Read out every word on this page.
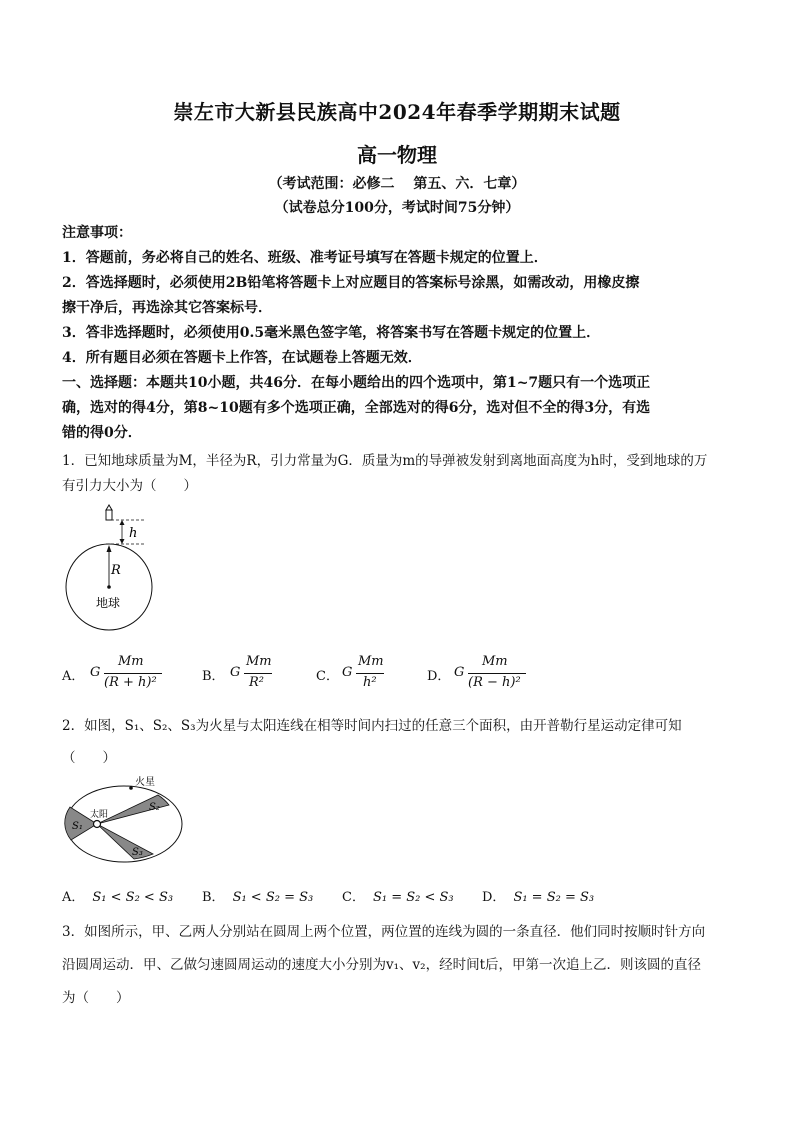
崇左市大新县民族高中2024年春季学期期末试题
高一物理
（考试范围：必修二　 第五、六．七章）
（试卷总分100分，考试时间75分钟）
注意事项：
1．答题前，务必将自己的姓名、班级、准考证号填写在答题卡规定的位置上．
2．答选择题时，必须使用2B铅笔将答题卡上对应题目的答案标号涂黑，如需改动，用橡皮擦
擦干净后，再选涂其它答案标号．
3．答非选择题时，必须使用0.5毫米黑色签字笔，将答案书写在答题卡规定的位置上．
4．所有题目必须在答题卡上作答，在试题卷上答题无效．
一、选择题：本题共10小题，共46分．在每小题给出的四个选项中，第1~7题只有一个选项正
确，选对的得4分，第8~10题有多个选项正确，全部选对的得6分，选对但不全的得3分，有选
错的得0分．
1．已知地球质量为M，半径为R，引力常量为G．质量为m的导弹被发射到离地面高度为h时，受到地球的万
有引力大小为（　　）
h
R
地球
A． G
Mm
(R + h)²	B． G
Mm
R²	C． G
Mm
h²	D． G
Mm
(R − h)²
2．如图，S₁、S₂、S₃为火星与太阳连线在相等时间内扫过的任意三个面积，由开普勒行星运动定律可知
（　　）
火星
太阳
S₁
S₂
S₃
A． S₁ < S₂ < S₃ B． S₁ < S₂ = S₃ C． S₁ = S₂ < S₃ D． S₁ = S₂ = S₃
3．如图所示，甲、乙两人分别站在圆周上两个位置，两位置的连线为圆的一条直径．他们同时按顺时针方向
沿圆周运动．甲、乙做匀速圆周运动的速度大小分别为v₁、v₂，经时间t后，甲第一次追上乙．则该圆的直径
为（　　）
